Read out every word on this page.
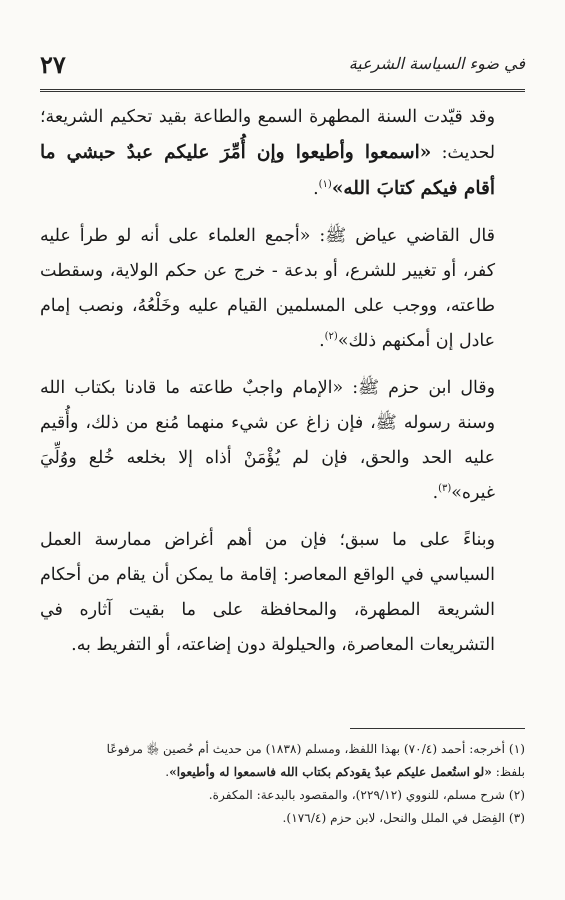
في ضوء السياسة الشرعية
٢٧

وقد قيّدت السنة المطهرة السمع والطاعة بقيد تحكيم الشريعة؛ لحديث: «اسمعوا وأطيعوا وإن أُمِّرَ عليكم عبدٌ حبشي ما أقام فيكم كتابَ الله»$^{(١)}$.

قال القاضي عياض ﷺ: «أجمع العلماء على أنه لو طرأ عليه كفر، أو تغيير للشرع، أو بدعة - خرج عن حكم الولاية، وسقطت طاعته، ووجب على المسلمين القيام عليه وخَلْعُهُ، ونصب إمام عادل إن أمكنهم ذلك»$^{(٢)}$.

وقال ابن حزم ﷺ: «الإمام واجبٌ طاعته ما قادنا بكتاب الله وسنة رسوله ﷺ، فإن زاغ عن شيء منهما مُنع من ذلك، وأُقيم عليه الحد والحق، فإن لم يُؤْمَنْ أذاه إلا بخلعه خُلع ووُلِّيَ غيره»$^{(٣)}$.

وبناءً على ما سبق؛ فإن من أهم أغراض ممارسة العمل السياسي في الواقع المعاصر: إقامة ما يمكن أن يقام من أحكام الشريعة المطهرة، والمحافظة على ما بقيت آثاره في التشريعات المعاصرة، والحيلولة دون إضاعته، أو التفريط به.

(١) أخرجه: أحمد (٧٠/٤) بهذا اللفظ، ومسلم (١٨٣٨) من حديث أم حُصين ﵂ مرفوعًا
بلفظ: «لو استُعمل عليكم عبدٌ يقودكم بكتاب الله فاسمعوا له وأطيعوا».
(٢) شرح مسلم، للنووي (٢٢٩/١٢)، والمقصود بالبدعة: المكفرة.
(٣) الفِصَل في الملل والنحل، لابن حزم (١٧٦/٤).
